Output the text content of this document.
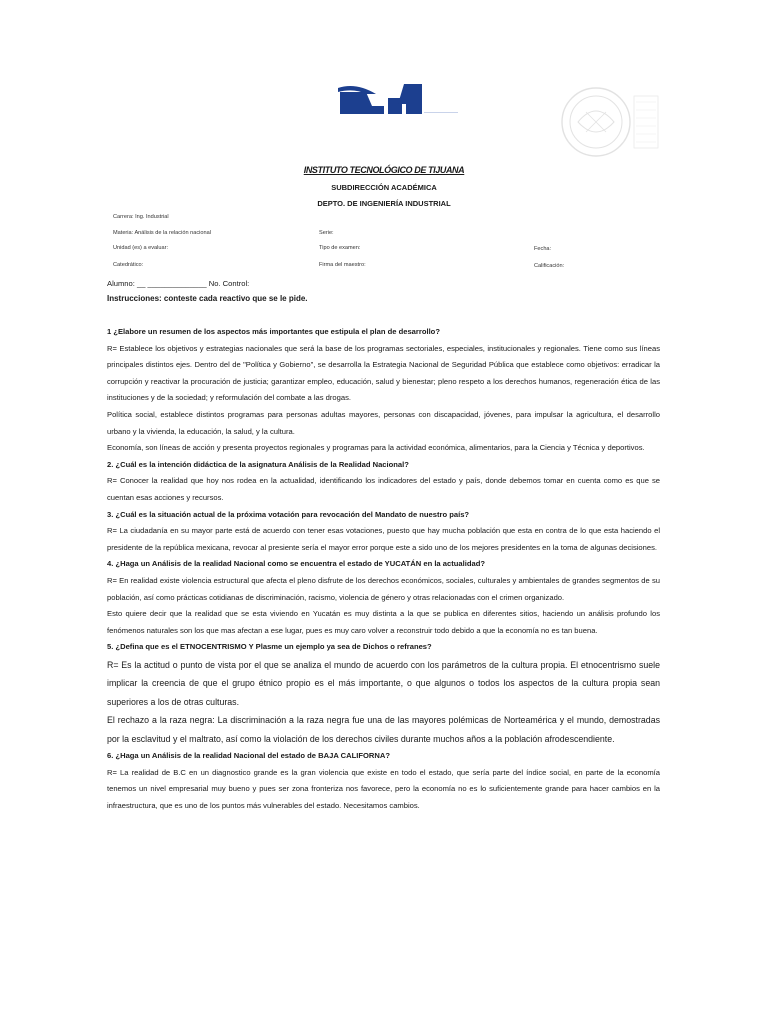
INSTITUTO TECNOLÓGICO DE TIJUANA
SUBDIRECCIÓN ACADÉMICA
DEPTO. DE INGENIERÍA INDUSTRIAL
Carrera: Ing. Industrial
Materia: Análisis de la relación nacional	Serie:
Unidad (es) a evaluar:	Tipo de examen:	Fecha:
Catedrático:	Firma del maestro:	Calificación:
Alumno: __ ______________ No. Control:
Instrucciones: conteste cada reactivo que se le pide.

1 ¿Elabore un resumen de los aspectos más importantes que estipula el plan de desarrollo?

R= Establece los objetivos y estrategias nacionales que será la base de los programas sectoriales, especiales, institucionales y regionales. Tiene como sus líneas principales distintos ejes. Dentro del de "Política y Gobierno", se desarrolla la Estrategia Nacional de Seguridad Pública que establece como objetivos: erradicar la corrupción y reactivar la procuración de justicia; garantizar empleo, educación, salud y bienestar; pleno respeto a los derechos humanos, regeneración ética de las instituciones y de la sociedad; y reformulación del combate a las drogas.

Política social, establece distintos programas para personas adultas mayores, personas con discapacidad, jóvenes, para impulsar la agricultura, el desarrollo urbano y la vivienda, la educación, la salud, y la cultura.

Economía, son líneas de acción y presenta proyectos regionales y programas para la actividad económica, alimentarios, para la Ciencia y Técnica y deportivos.

2. ¿Cuál es la intención didáctica de la asignatura Análisis de la Realidad Nacional?

R= Conocer la realidad que hoy nos rodea en la actualidad, identificando los indicadores del estado y país, donde debemos tomar en cuenta como es que se cuentan esas acciones y recursos.

3. ¿Cuál es la situación actual de la próxima votación para revocación del Mandato de nuestro país?

R= La ciudadanía en su mayor parte está de acuerdo con tener esas votaciones, puesto que hay mucha población que esta en contra de lo que esta haciendo el presidente de la república mexicana, revocar al presiente sería el mayor error porque este a sido uno de los mejores presidentes en la toma de algunas decisiones.

4. ¿Haga un Análisis de la realidad Nacional como se encuentra el estado de YUCATÁN en la actualidad?

R= En realidad existe violencia estructural que afecta el pleno disfrute de los derechos económicos, sociales, culturales y ambientales de grandes segmentos de su población, así como prácticas cotidianas de discriminación, racismo, violencia de género y otras relacionadas con el crimen organizado.

Esto quiere decir que la realidad que se esta viviendo en Yucatán es muy distinta a la que se publica en diferentes sitios, haciendo un análisis profundo los fenómenos naturales son los que mas afectan a ese lugar, pues es muy caro volver a reconstruir todo debido a que la economía no es tan buena.

5. ¿Defina que es el ETNOCENTRISMO Y Plasme un ejemplo ya sea de Dichos o refranes?

R= Es la actitud o punto de vista por el que se analiza el mundo de acuerdo con los parámetros de la cultura propia. El etnocentrismo suele implicar la creencia de que el grupo étnico propio es el más importante, o que algunos o todos los aspectos de la cultura propia sean superiores a los de otras culturas.

El rechazo a la raza negra: La discriminación a la raza negra fue una de las mayores polémicas de Norteamérica y el mundo, demostradas por la esclavitud y el maltrato, así como la violación de los derechos civiles durante muchos años a la población afrodescendiente.

6. ¿Haga un Análisis de la realidad Nacional del estado de BAJA CALIFORNA?

R= La realidad de B.C en un diagnostico grande es la gran violencia que existe en todo el estado, que sería parte del índice social, en parte de la economía tenemos un nivel empresarial muy bueno y pues ser zona fronteriza nos favorece, pero la economía no es lo suficientemente grande para hacer cambios en la infraestructura, que es uno de los puntos más vulnerables del estado. Necesitamos cambios.
